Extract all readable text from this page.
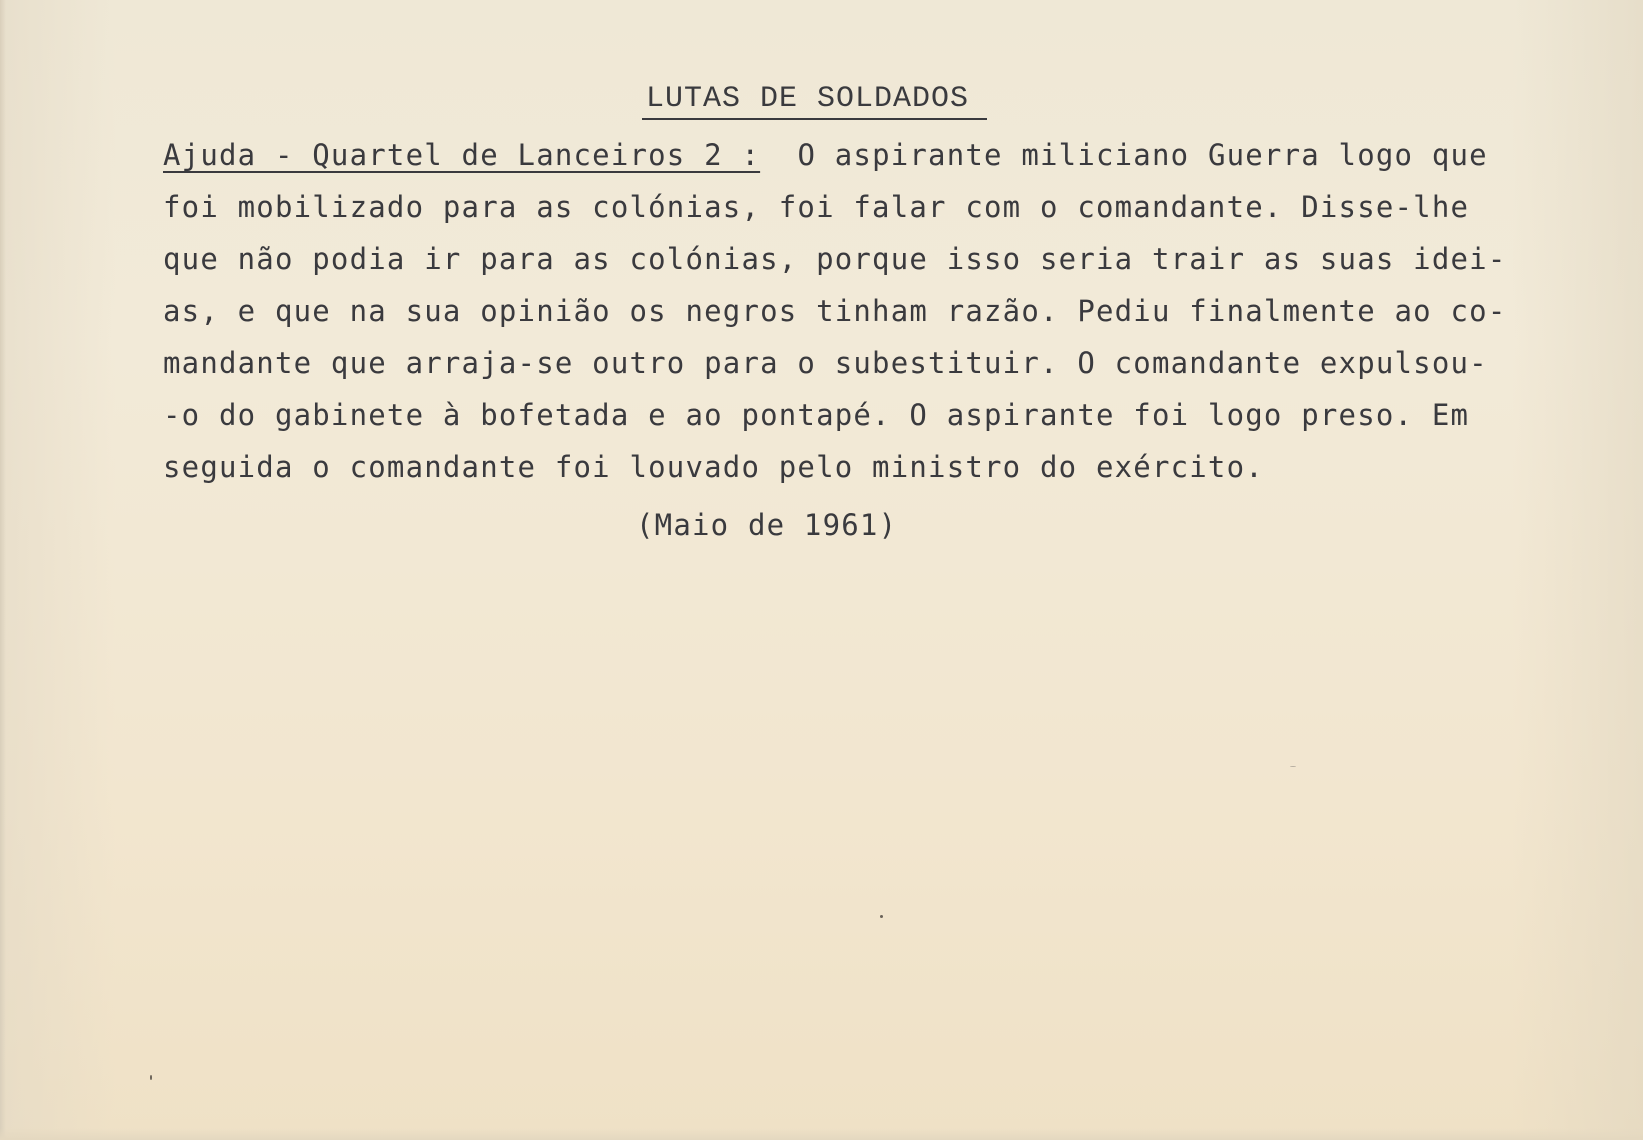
LUTAS DE SOLDADOS
Ajuda - Quartel de Lanceiros 2 : O aspirante miliciano Guerra logo que
foi mobilizado para as colónias, foi falar com o comandante. Disse-lhe
que não podia ir para as colónias, porque isso seria trair as suas idei-
as, e que na sua opinião os negros tinham razão. Pediu finalmente ao co-
mandante que arraja-se outro para o subestituir. O comandante expulsou-
-o do gabinete à bofetada e ao pontapé. O aspirante foi logo preso. Em
seguida o comandante foi louvado pelo ministro do exército.
(Maio de 1961)
